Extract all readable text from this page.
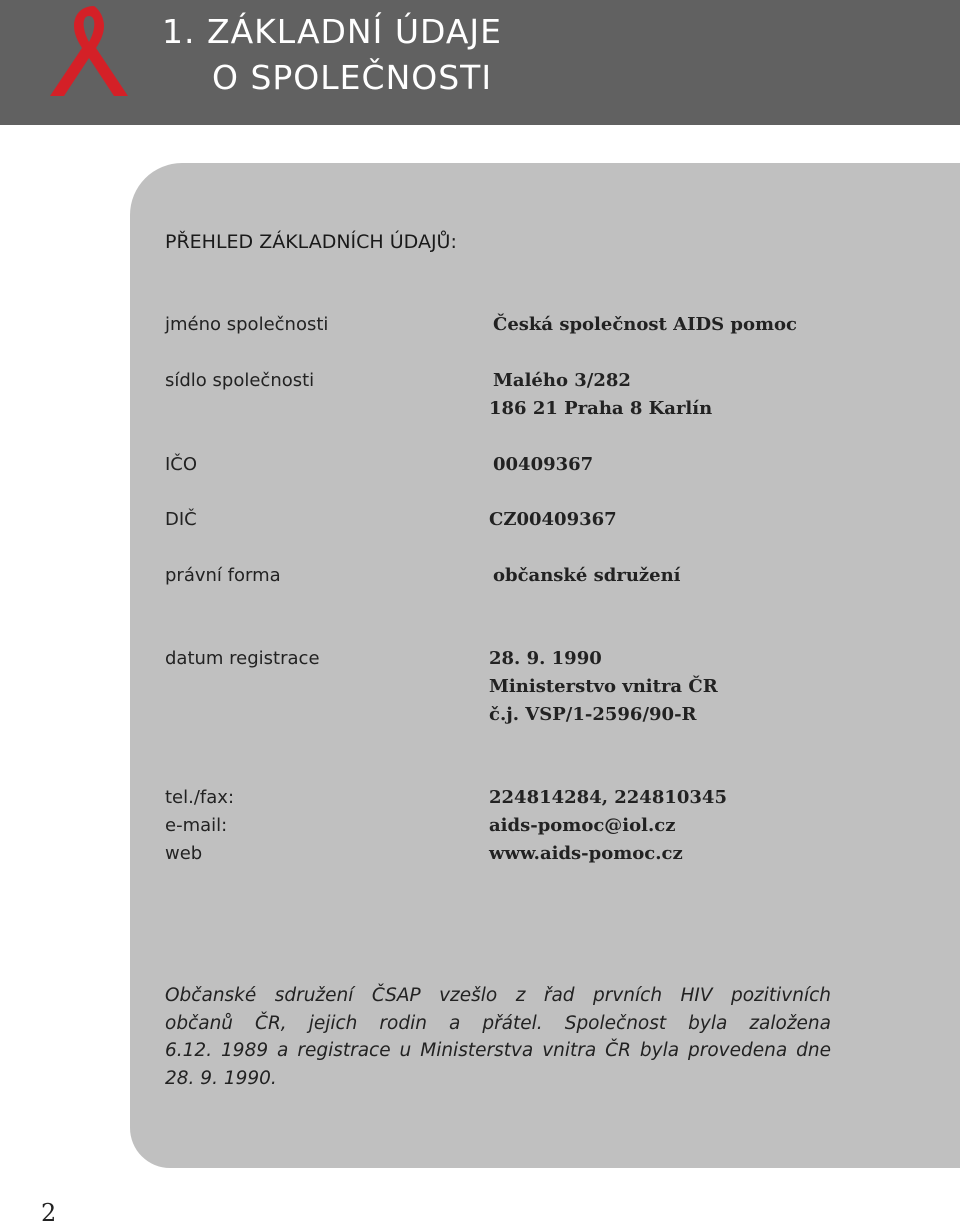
1. ZÁKLADNÍ ÚDAJE
O SPOLEČNOSTI
PŘEHLED ZÁKLADNÍCH ÚDAJŮ:
jméno společnosti	Česká společnost AIDS pomoc
sídlo společnosti	Malého 3/282
186 21 Praha 8 Karlín
IČO	00409367
DIČ	CZ00409367
právní forma	občanské sdružení
datum registrace	28. 9. 1990
Ministerstvo vnitra ČR
č.j. VSP/1-2596/90-R
tel./fax:	224814284, 224810345
e-mail:	aids-pomoc@iol.cz
web	www.aids-pomoc.cz
Občanské sdružení ČSAP vzešlo z řad prvních HIV pozitivních
občanů ČR, jejich rodin a přátel. Společnost byla založena
6.12. 1989 a registrace u Ministerstva vnitra ČR byla provedena dne
28. 9. 1990.
2
